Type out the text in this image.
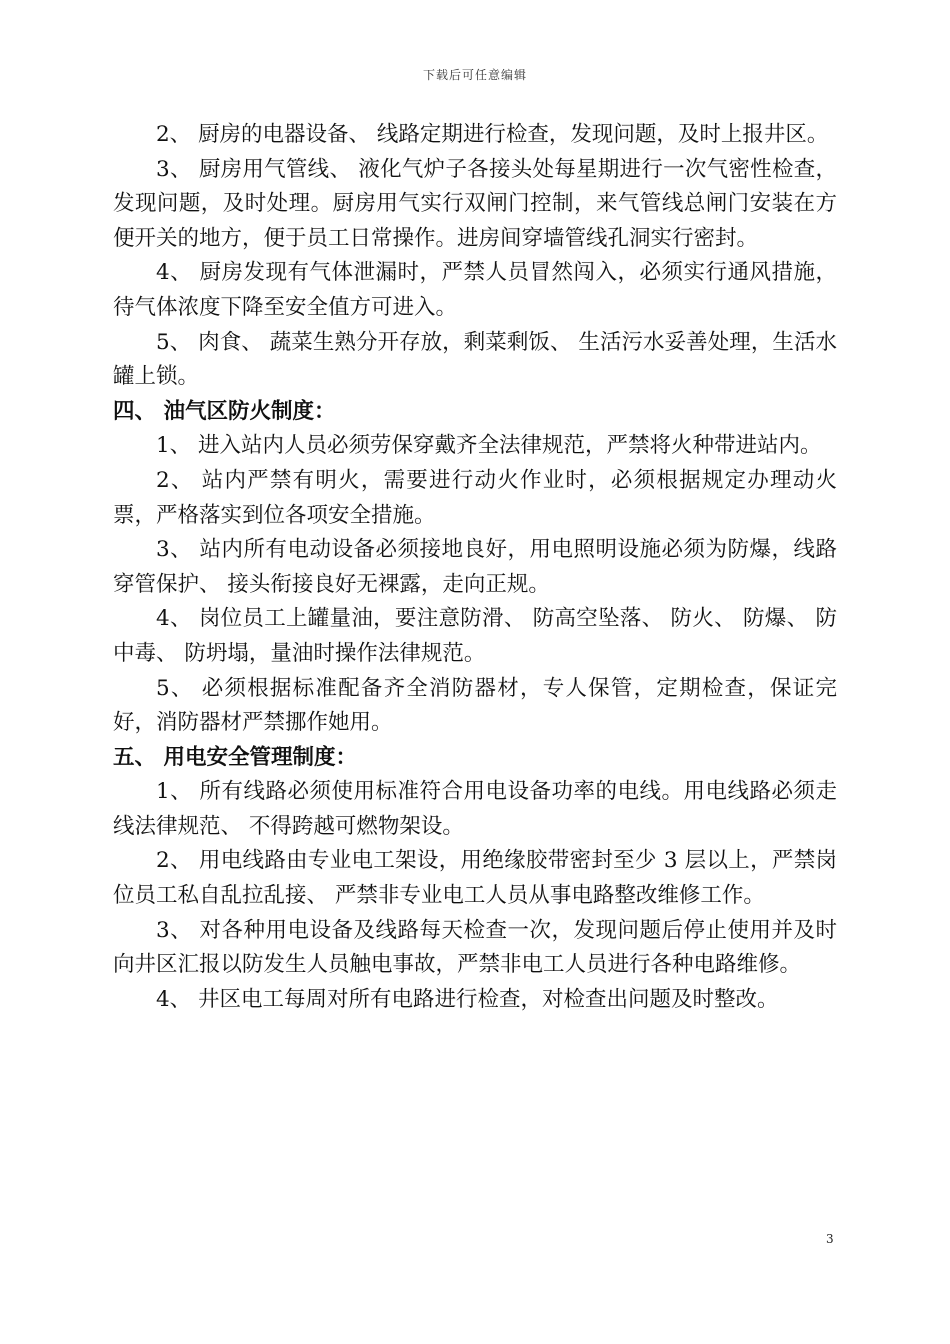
下载后可任意编辑

2、 厨房的电器设备、 线路定期进行检查，发现问题，及时上报井区。

3、 厨房用气管线、 液化气炉子各接头处每星期进行一次气密性检查，发现问题，及时处理。厨房用气实行双闸门控制，来气管线总闸门安装在方便开关的地方，便于员工日常操作。进房间穿墙管线孔洞实行密封。

4、 厨房发现有气体泄漏时，严禁人员冒然闯入，必须实行通风措施，待气体浓度下降至安全值方可进入。

5、 肉食、 蔬菜生熟分开存放，剩菜剩饭、 生活污水妥善处理，生活水罐上锁。

四、 油气区防火制度：

1、 进入站内人员必须劳保穿戴齐全法律规范，严禁将火种带进站内。

2、 站内严禁有明火，需要进行动火作业时，必须根据规定办理动火票，严格落实到位各项安全措施。

3、 站内所有电动设备必须接地良好，用电照明设施必须为防爆，线路穿管保护、 接头衔接良好无裸露，走向正规。

4、 岗位员工上罐量油，要注意防滑、 防高空坠落、 防火、 防爆、 防中毒、 防坍塌，量油时操作法律规范。

5、 必须根据标准配备齐全消防器材，专人保管，定期检查，保证完好，消防器材严禁挪作她用。

五、 用电安全管理制度：

1、 所有线路必须使用标准符合用电设备功率的电线。用电线路必须走线法律规范、 不得跨越可燃物架设。

2、 用电线路由专业电工架设，用绝缘胶带密封至少 3 层以上，严禁岗位员工私自乱拉乱接、 严禁非专业电工人员从事电路整改维修工作。

3、 对各种用电设备及线路每天检查一次，发现问题后停止使用并及时向井区汇报以防发生人员触电事故，严禁非电工人员进行各种电路维修。

4、 井区电工每周对所有电路进行检查，对检查出问题及时整改。

3
